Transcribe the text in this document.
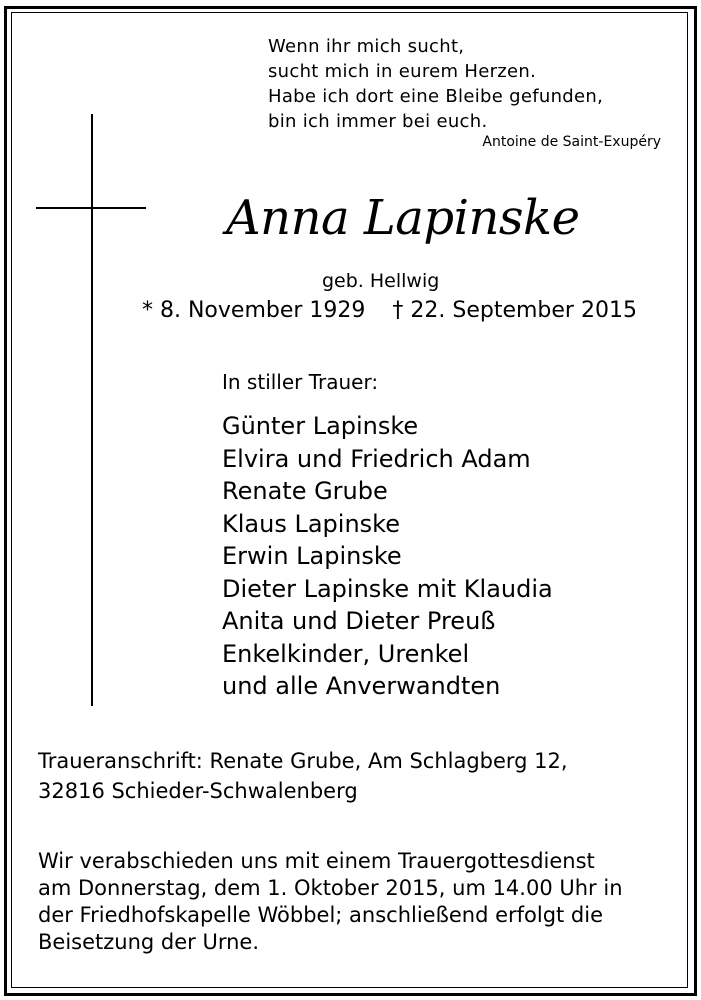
Wenn ihr mich sucht,
sucht mich in eurem Herzen.
Habe ich dort eine Bleibe gefunden,
bin ich immer bei euch.
Antoine de Saint-Exupéry
Anna Lapinske
geb. Hellwig
* 8. November 1929 † 22. September 2015
In stiller Trauer:
Günter Lapinske
Elvira und Friedrich Adam
Renate Grube
Klaus Lapinske
Erwin Lapinske
Dieter Lapinske mit Klaudia
Anita und Dieter Preuß
Enkelkinder, Urenkel
und alle Anverwandten
Traueranschrift: Renate Grube, Am Schlagberg 12,
32816 Schieder-Schwalenberg
Wir verabschieden uns mit einem Trauergottesdienst
am Donnerstag, dem 1. Oktober 2015, um 14.00 Uhr in
der Friedhofskapelle Wöbbel; anschließend erfolgt die
Beisetzung der Urne.
